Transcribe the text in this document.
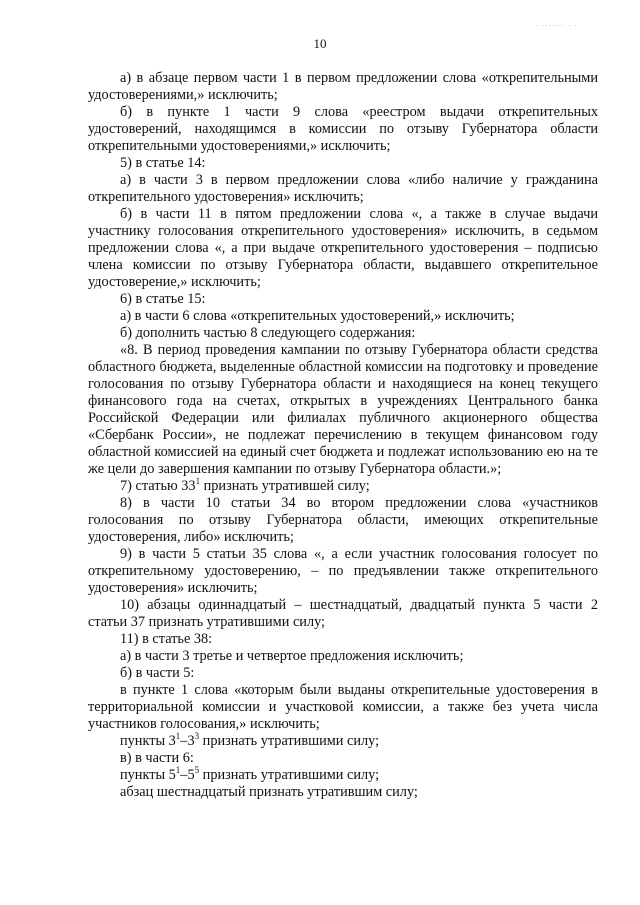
· ······· · ·

10

а) в абзаце первом части 1 в первом предложении слова «открепительными удостоверениями,» исключить;

б) в пункте 1 части 9 слова «реестром выдачи открепительных удостоверений, находящимся в комиссии по отзыву Губернатора области открепительными удостоверениями,» исключить;

5) в статье 14:

а) в части 3 в первом предложении слова «либо наличие у гражданина открепительного удостоверения» исключить;

б) в части 11 в пятом предложении слова «, а также в случае выдачи участнику голосования открепительного удостоверения» исключить, в седьмом предложении слова «, а при выдаче открепительного удостоверения – подписью члена комиссии по отзыву Губернатора области, выдавшего открепительное удостоверение,» исключить;

6) в статье 15:

а) в части 6 слова «открепительных удостоверений,» исключить;

б) дополнить частью 8 следующего содержания:

«8. В период проведения кампании по отзыву Губернатора области средства областного бюджета, выделенные областной комиссии на подготовку и проведение голосования по отзыву Губернатора области и находящиеся на конец текущего финансового года на счетах, открытых в учреждениях Центрального банка Российской Федерации или филиалах публичного акционерного общества «Сбербанк России», не подлежат перечислению в текущем финансовом году областной комиссией на единый счет бюджета и подлежат использованию ею на те же цели до завершения кампании по отзыву Губернатора области.»;

7) статью $33^1$ признать утратившей силу;

8) в части 10 статьи 34 во втором предложении слова «участников голосования по отзыву Губернатора области, имеющих открепительные удостоверения, либо» исключить;

9) в части 5 статьи 35 слова «, а если участник голосования голосует по открепительному удостоверению, – по предъявлении также открепительного удостоверения» исключить;

10) абзацы одиннадцатый – шестнадцатый, двадцатый пункта 5 части 2 статьи 37 признать утратившими силу;

11) в статье 38:

а) в части 3 третье и четвертое предложения исключить;

б) в части 5:

в пункте 1 слова «которым были выданы открепительные удостоверения в территориальной комиссии и участковой комиссии, а также без учета числа участников голосования,» исключить;

пункты $3^1-3^3$ признать утратившими силу;

в) в части 6:

пункты $5^1-5^5$ признать утратившими силу;

абзац шестнадцатый признать утратившим силу;
